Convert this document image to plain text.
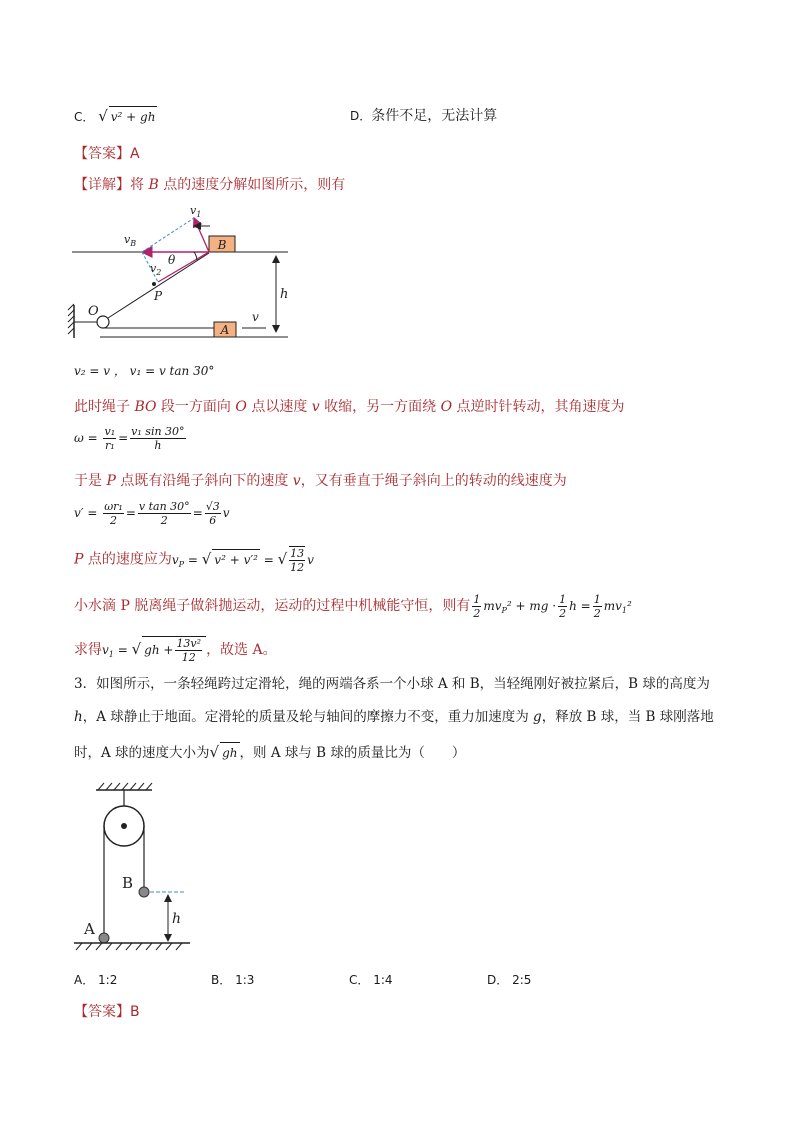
C． √ v² + gh	D．条件不足，无法计算
【答案】A
【详解】将 B 点的速度分解如图所示，则有
A
B
$v_1$
$v_B$
$v_2$
θ
P
O
h
v
v₂ = v ， v₁ = v tan 30°
此时绳子 BO 段一方面向 O 点以速度 v 收缩，另一方面绕 O 点逆时针转动，其角速度为
$\omega = \frac{\text{v₁}}{\text{r₁}} = \frac{\text{v₁ sin 30°}}{h}$
于是 P 点既有沿绳子斜向下的速度 v，又有垂直于绳子斜向上的转动的线速度为
$v' = \frac{\text{ωr₁}}{2} = \frac{\text{v tan 30°}}{2} = \frac{√3}{6}$ v
P 点的速度应为$v_P$ = √ v² + v′² = √ $\frac{13}{12}$ v
小水滴 P 脱离绳子做斜抛运动，运动的过程中机械能守恒，则有 $\frac{1}{2} mv_P^2$ + mg · $\frac{1}{2}$ $h = \frac{1}{2} mv_1^2$
求得$v_1$ = √ gh + $\frac{\text{13v²}}{12}$ ，故选 A。
3．如图所示，一条轻绳跨过定滑轮，绳的两端各系一个小球 A 和 B，当轻绳刚好被拉紧后，B 球的高度为
h，A 球静止于地面。定滑轮的质量及轮与轴间的摩擦力不变，重力加速度为 g，释放 B 球，当 B 球刚落地
时，A 球的速度大小为√ gh ，则 A 球与 B 球的质量比为（　　）
B
A
h
A． 1:2	B． 1:3	C． 1:4	D． 2:5
【答案】B
